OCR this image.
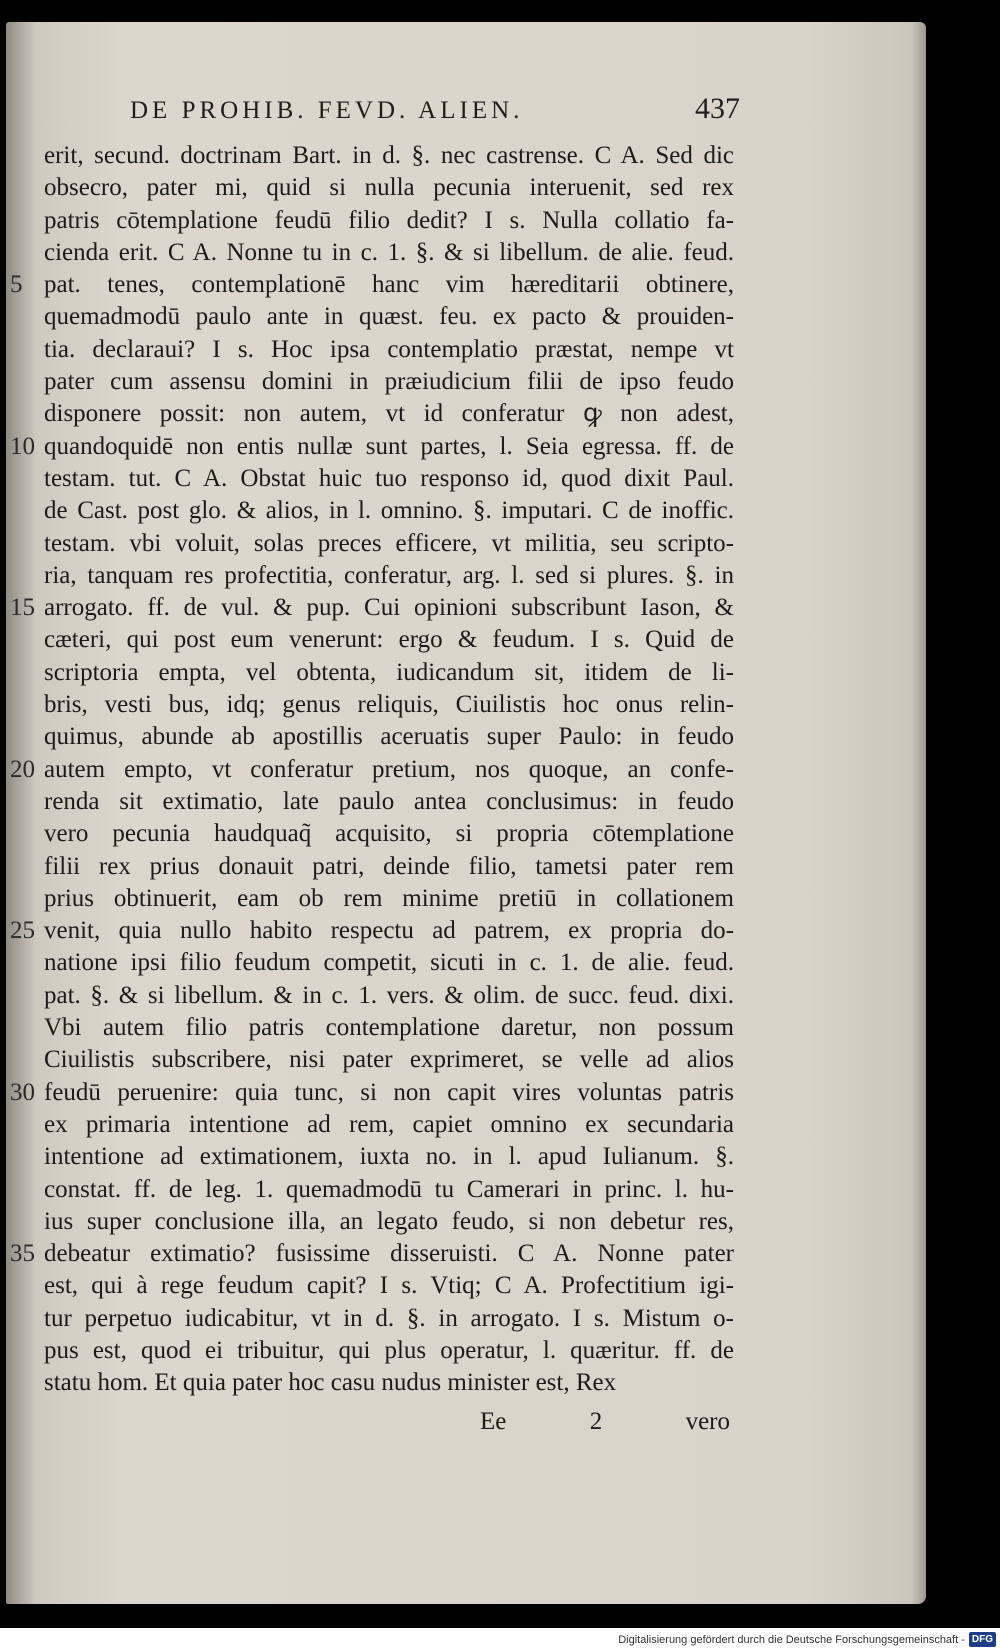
DE PROHIB. FEVD. ALIEN.	437
erit, secund. doctrinam Bart. in d. §. nec castrense. C A. Sed dic
obsecro, pater mi, quid si nulla pecunia interuenit, sed rex
patris cōtemplatione feudū filio dedit? I s. Nulla collatio fa-
cienda erit. C A. Nonne tu in c. 1. §. & si libellum. de alie. feud.
5 pat. tenes, contemplationē hanc vim hæreditarii obtinere,
quemadmodū paulo ante in quæst. feu. ex pacto & prouiden-
tia. declaraui? I s. Hoc ipsa contemplatio præstat, nempe vt
pater cum assensu domini in præiudicium filii de ipso feudo
disponere possit: non autem, vt id conferatur ꝙ non adest,
10 quandoquidē non entis nullæ sunt partes, l. Seia egressa. ff. de
testam. tut. C A. Obstat huic tuo responso id, quod dixit Paul.
de Cast. post glo. & alios, in l. omnino. §. imputari. C de inoffic.
testam. vbi voluit, solas preces efficere, vt militia, seu scripto-
ria, tanquam res profectitia, conferatur, arg. l. sed si plures. §. in
15 arrogato. ff. de vul. & pup. Cui opinioni subscribunt Iason, &
cæteri, qui post eum venerunt: ergo & feudum. I s. Quid de
scriptoria empta, vel obtenta, iudicandum sit, itidem de li-
bris, vesti bus, idq; genus reliquis, Ciuilistis hoc onus relin-
quimus, abunde ab apostillis aceruatis super Paulo: in feudo
20 autem empto, vt conferatur pretium, nos quoque, an confe-
renda sit extimatio, late paulo antea conclusimus: in feudo
vero pecunia haudquaq̃ acquisito, si propria cōtemplatione
filii rex prius donauit patri, deinde filio, tametsi pater rem
prius obtinuerit, eam ob rem minime pretiū in collationem
25 venit, quia nullo habito respectu ad patrem, ex propria do-
natione ipsi filio feudum competit, sicuti in c. 1. de alie. feud.
pat. §. & si libellum. & in c. 1. vers. & olim. de succ. feud. dixi.
Vbi autem filio patris contemplatione daretur, non possum
Ciuilistis subscribere, nisi pater exprimeret, se velle ad alios
30 feudū peruenire: quia tunc, si non capit vires voluntas patris
ex primaria intentione ad rem, capiet omnino ex secundaria
intentione ad extimationem, iuxta no. in l. apud Iulianum. §.
constat. ff. de leg. 1. quemadmodū tu Camerari in princ. l. hu-
ius super conclusione illa, an legato feudo, si non debetur res,
35 debeatur extimatio? fusissime disseruisti. C A. Nonne pater
est, qui à rege feudum capit? I s. Vtiq; C A. Profectitium igi-
tur perpetuo iudicabitur, vt in d. §. in arrogato. I s. Mistum o-
pus est, quod ei tribuitur, qui plus operatur, l. quæritur. ff. de
statu hom. Et quia pater hoc casu nudus minister est, Rex
Ee	2	vero
Digitalisierung gefördert durch die Deutsche Forschungsgemeinschaft - DFG
